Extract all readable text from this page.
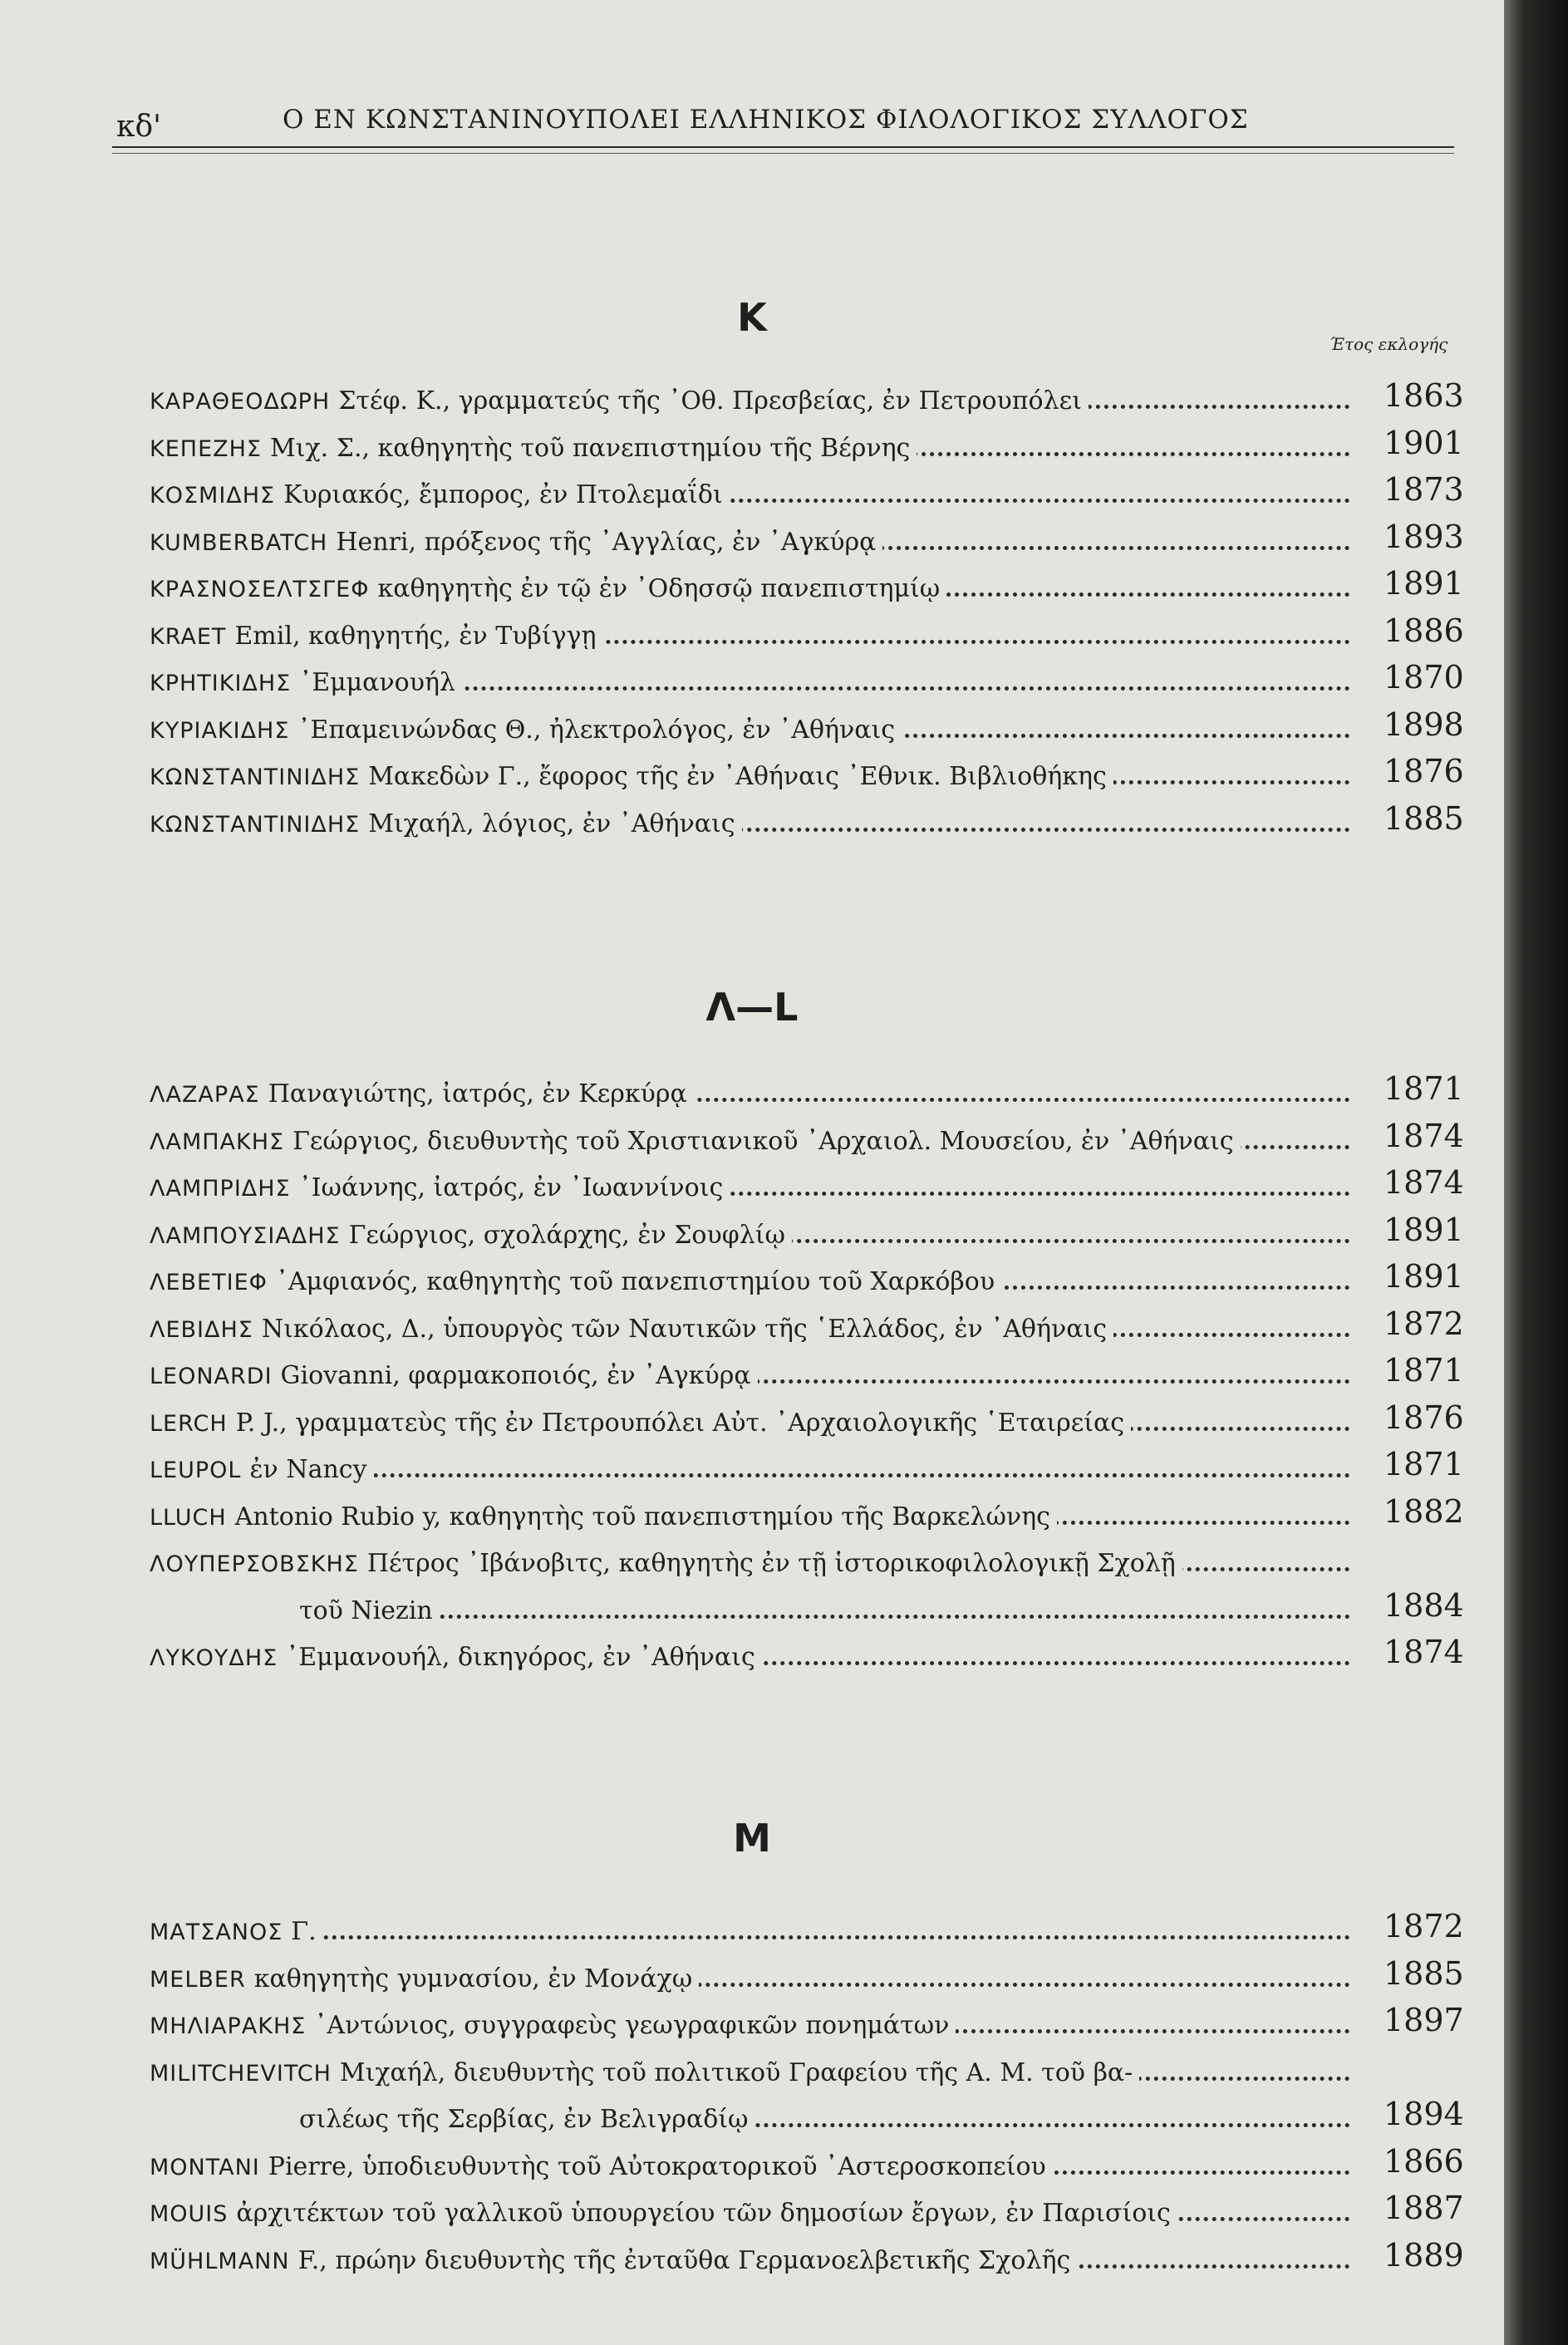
κδ'	Ο ΕΝ ΚΩΝΣΤΑΝΙΝΟΥΠΟΛΕΙ ΕΛΛΗΝΙΚΟΣ ΦΙΛΟΛΟΓΙΚΟΣ ΣΥΛΛΟΓΟΣ
K
Έτος εκλογής
ΚΑΡΑΘΕΟΔΩΡΗ Στέφ. Κ., γραμματεύς τῆς ᾿Οθ. Πρεσβείας, ἐν Πετρουπόλει	1863
ΚΕΠΕΖΗΣ Μιχ. Σ., καθηγητὴς τοῦ πανεπιστημίου τῆς Βέρνης	1901
ΚΟΣΜΙΔΗΣ Κυριακός, ἔμπορος, ἐν Πτολεμαΐδι	1873
KUMBERBATCH Henri, πρόξενος τῆς ᾿Αγγλίας, ἐν ᾿Αγκύρᾳ	1893
ΚΡΑΣΝΟΣΕΛΤΣΓΕΦ καθηγητὴς ἐν τῷ ἐν ᾿Οδησσῷ πανεπιστημίῳ	1891
KRAET Emil, καθηγητής, ἐν Τυβίγγῃ	1886
ΚΡΗΤΙΚΙΔΗΣ ᾿Εμμανουήλ	1870
ΚΥΡΙΑΚΙΔΗΣ ᾿Επαμεινώνδας Θ., ἠλεκτρολόγος, ἐν ᾿Αθήναις	1898
ΚΩΝΣΤΑΝΤΙΝΙΔΗΣ Μακεδὼν Γ., ἔφορος τῆς ἐν ᾿Αθήναις ᾿Εθνικ. Βιβλιοθήκης	1876
ΚΩΝΣΤΑΝΤΙΝΙΔΗΣ Μιχαήλ, λόγιος, ἐν ᾿Αθήναις	1885
Λ—L
ΛΑΖΑΡΑΣ Παναγιώτης, ἰατρός, ἐν Κερκύρᾳ	1871
ΛΑΜΠΑΚΗΣ Γεώργιος, διευθυντὴς τοῦ Χριστιανικοῦ ᾿Αρχαιολ. Μουσείου, ἐν ᾿Αθήναις	1874
ΛΑΜΠΡΙΔΗΣ ᾿Ιωάννης, ἰατρός, ἐν ᾿Ιωαννίνοις	1874
ΛΑΜΠΟΥΣΙΑΔΗΣ Γεώργιος, σχολάρχης, ἐν Σουφλίῳ	1891
ΛΕΒΕΤΙΕΦ ᾿Αμφιανός, καθηγητὴς τοῦ πανεπιστημίου τοῦ Χαρκόβου	1891
ΛΕΒΙΔΗΣ Νικόλαος, Δ., ὑπουργὸς τῶν Ναυτικῶν τῆς ῾Ελλάδος, ἐν ᾿Αθήναις	1872
LEONARDI Giovanni, φαρμακοποιός, ἐν ᾿Αγκύρᾳ	1871
LERCH P. J., γραμματεὺς τῆς ἐν Πετρουπόλει Αὐτ. ᾿Αρχαιολογικῆς ῾Εταιρείας	1876
LEUPOL ἐν Nancy	1871
LLUCH Antonio Rubio y, καθηγητὴς τοῦ πανεπιστημίου τῆς Βαρκελώνης	1882
ΛΟΥΠΕΡΣΟΒΣΚΗΣ Πέτρος ᾿Ιβάνοβιτς, καθηγητὴς ἐν τῇ ἱστορικοφιλολογικῇ Σχολῇ
τοῦ Niezin	1884
ΛΥΚΟΥΔΗΣ ᾿Εμμανουήλ, δικηγόρος, ἐν ᾿Αθήναις	1874
M
ΜΑΤΣΑΝΟΣ Γ.	1872
MELBER καθηγητὴς γυμνασίου, ἐν Μονάχῳ	1885
ΜΗΛΙΑΡΑΚΗΣ ᾿Αντώνιος, συγγραφεὺς γεωγραφικῶν πονημάτων	1897
MILITCHEVITCH Μιχαήλ, διευθυντὴς τοῦ πολιτικοῦ Γραφείου τῆς Α. Μ. τοῦ βα-
σιλέως τῆς Σερβίας, ἐν Βελιγραδίῳ	1894
MONTANI Pierre, ὑποδιευθυντὴς τοῦ Αὐτοκρατορικοῦ ᾿Αστεροσκοπείου	1866
MOUIS ἀρχιτέκτων τοῦ γαλλικοῦ ὑπουργείου τῶν δημοσίων ἔργων, ἐν Παρισίοις	1887
MÜHLMANN F., πρώην διευθυντὴς τῆς ἐνταῦθα Γερμανοελβετικῆς Σχολῆς	1889
